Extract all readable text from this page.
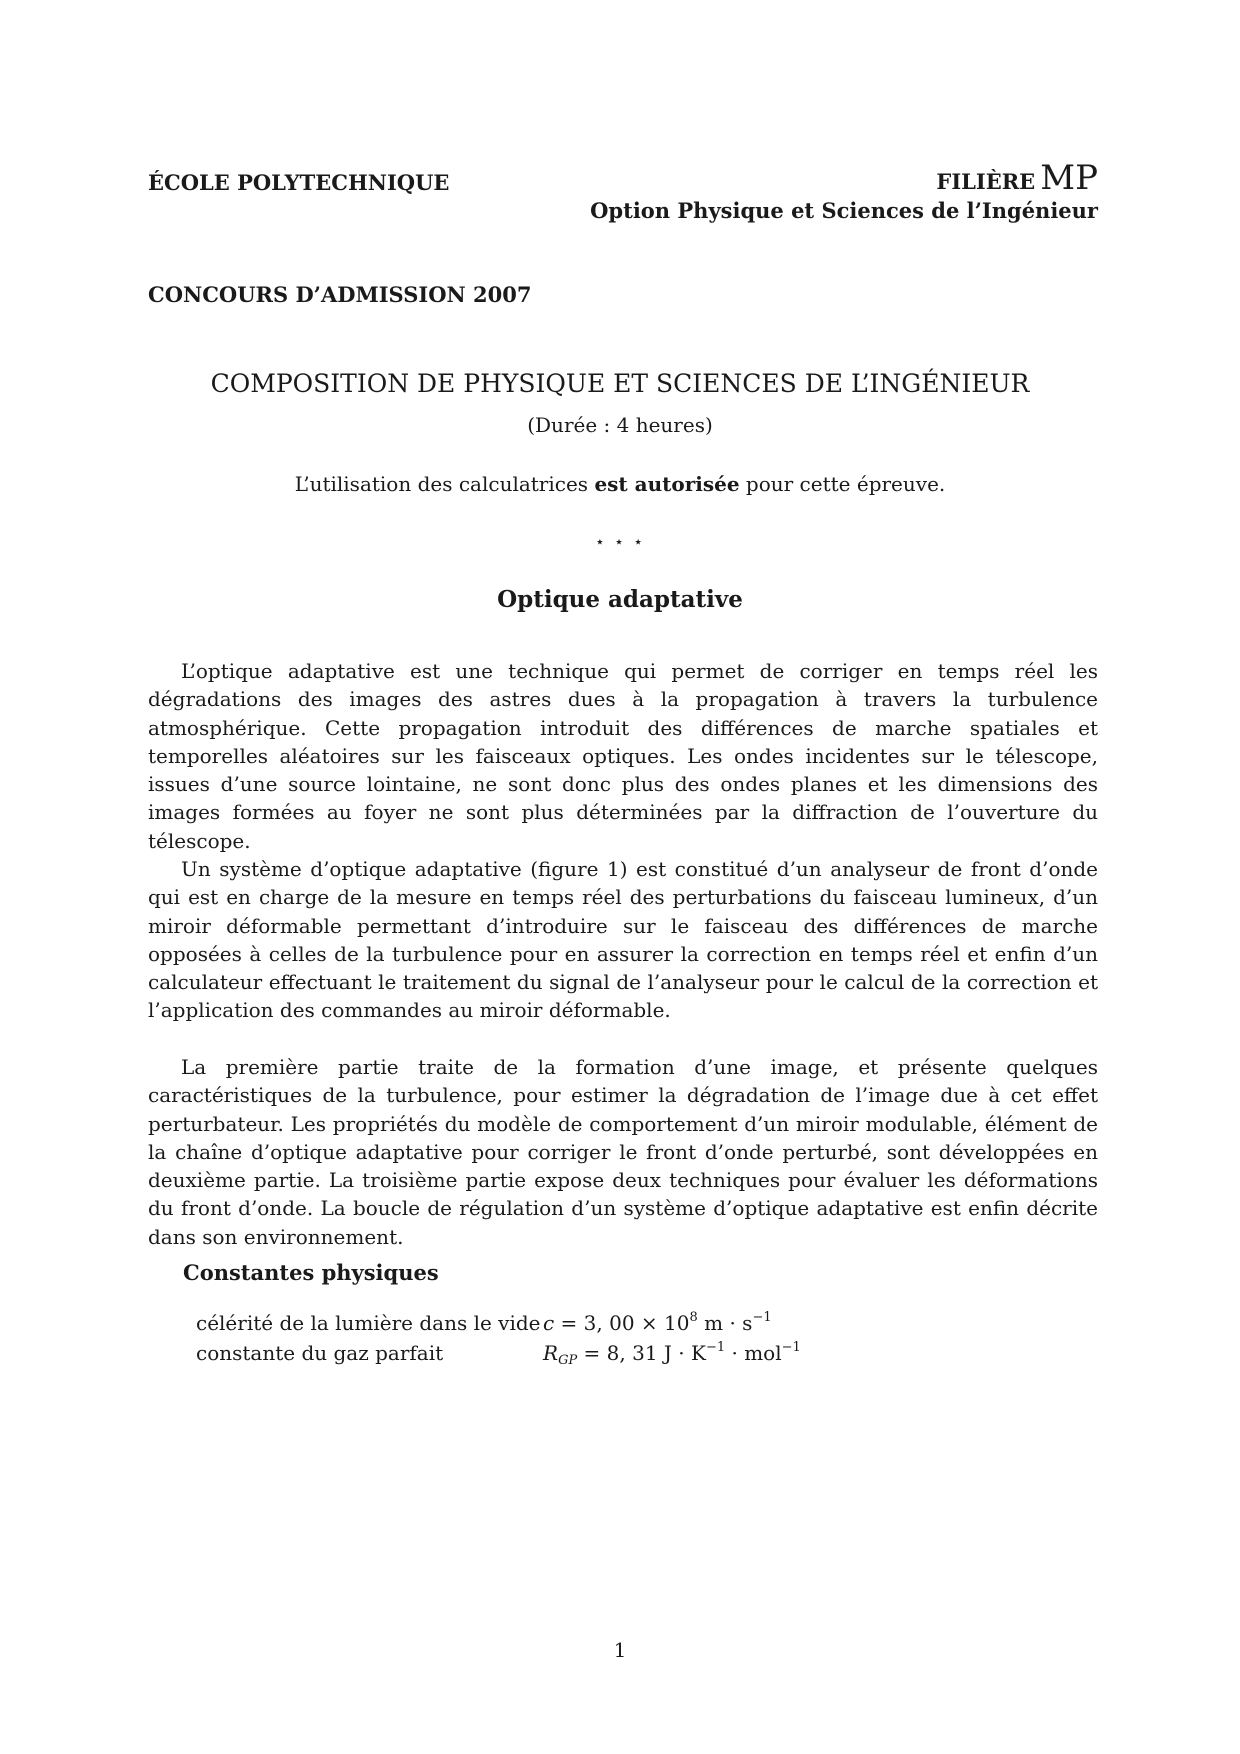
ÉCOLE POLYTECHNIQUE	FILIÈRE MP
Option Physique et Sciences de l’Ingénieur
CONCOURS D’ADMISSION 2007
COMPOSITION DE PHYSIQUE ET SCIENCES DE L’INGÉNIEUR
(Durée : 4 heures)
L’utilisation des calculatrices est autorisée pour cette épreuve.
⋆ ⋆ ⋆
Optique adaptative

L’optique adaptative est une technique qui permet de corriger en temps réel les dégradations des images des astres dues à la propagation à travers la turbulence atmosphérique. Cette propagation introduit des différences de marche spatiales et temporelles aléatoires sur les faisceaux optiques. Les ondes incidentes sur le télescope, issues d’une source lointaine, ne sont donc plus des ondes planes et les dimensions des images formées au foyer ne sont plus déterminées par la diffraction de l’ouverture du télescope.

Un système d’optique adaptative (figure 1) est constitué d’un analyseur de front d’onde qui est en charge de la mesure en temps réel des perturbations du faisceau lumineux, d’un miroir déformable permettant d’introduire sur le faisceau des différences de marche opposées à celles de la turbulence pour en assurer la correction en temps réel et enfin d’un calculateur effectuant le traitement du signal de l’analyseur pour le calcul de la correction et l’application des commandes au miroir déformable.

La première partie traite de la formation d’une image, et présente quelques caractéristiques de la turbulence, pour estimer la dégradation de l’image due à cet effet perturbateur. Les propriétés du modèle de comportement d’un miroir modulable, élément de la chaîne d’optique adaptative pour corriger le front d’onde perturbé, sont développées en deuxième partie. La troisième partie expose deux techniques pour évaluer les déformations du front d’onde. La boucle de régulation d’un système d’optique adaptative est enfin décrite dans son environnement.

Constantes physiques
célérité de la lumière dans le vide c = 3, $00 \times 10^8$ $m \cdot s^{-1}$
constante du gaz parfait	$R_{GP} = 8$, 31 $J \cdot K^{-1} \cdot mol^{-1}$
1
